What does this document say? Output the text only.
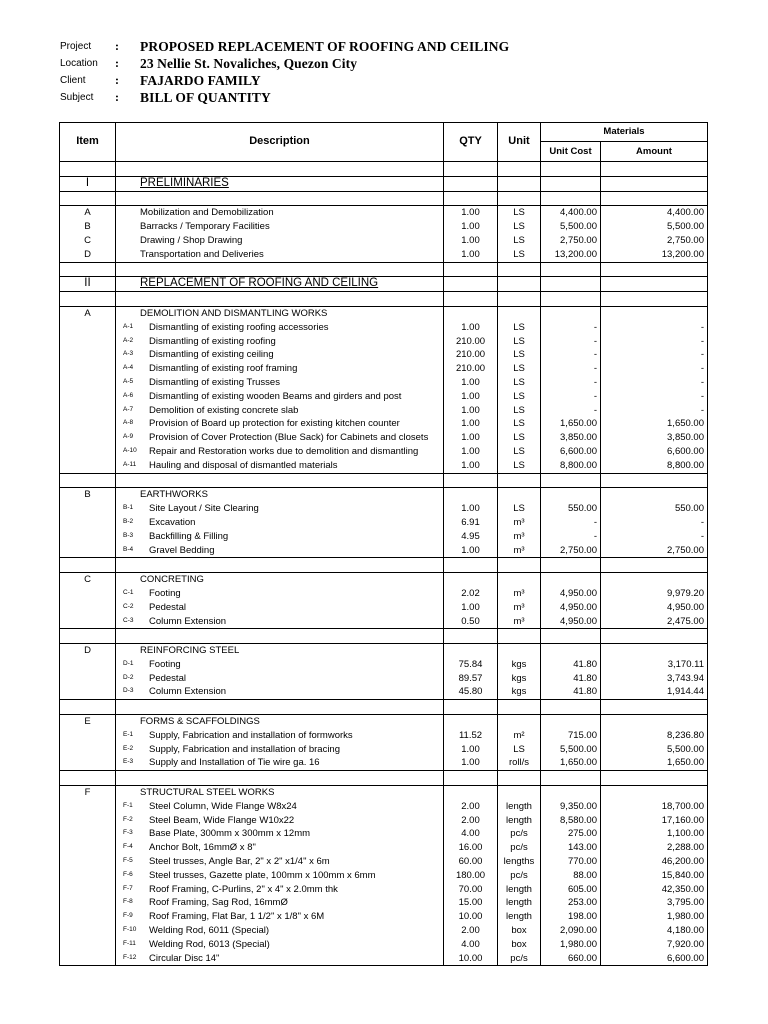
Project	:	PROPOSED REPLACEMENT OF ROOFING AND CEILING
Location	:	23 Nellie St. Novaliches, Quezon City
Client	:	FAJARDO FAMILY
Subject	:	BILL OF QUANTITY
Item	Description	QTY	Unit	Materials	
				Unit Cost	Amount

I	PRELIMINARIES				

A	Mobilization and Demobilization	1.00	LS	4,400.00	4,400.00
B	Barracks / Temporary Facilities	1.00	LS	5,500.00	5,500.00
C	Drawing / Shop Drawing	1.00	LS	2,750.00	2,750.00
D	Transportation and Deliveries	1.00	LS	13,200.00	13,200.00

II	REPLACEMENT OF ROOFING AND CEILING				

A	DEMOLITION AND DISMANTLING WORKS				
	A-1 Dismantling of existing roofing accessories	1.00	LS	-	-
	A-2 Dismantling of existing roofing	210.00	LS	-	-
	A-3 Dismantling of existing ceiling	210.00	LS	-	-
	A-4 Dismantling of existing roof framing	210.00	LS	-	-
	A-5 Dismantling of existing Trusses	1.00	LS	-	-
	A-6 Dismantling of existing wooden Beams and girders and post	1.00	LS	-	-
	A-7 Demolition of existing concrete slab	1.00	LS	-	-
	A-8 Provision of Board up protection for existing kitchen counter	1.00	LS	1,650.00	1,650.00
	A-9 Provision of Cover Protection (Blue Sack) for Cabinets and closets	1.00	LS	3,850.00	3,850.00
	A-10 Repair and Restoration works due to demolition and dismantling	1.00	LS	6,600.00	6,600.00
	A-11 Hauling and disposal of dismantled materials	1.00	LS	8,800.00	8,800.00

B	EARTHWORKS				
	B-1 Site Layout / Site Clearing	1.00	LS	550.00	550.00
	B-2 Excavation	6.91	m³	-	-
	B-3 Backfilling & Filling	4.95	m³	-	-
	B-4 Gravel Bedding	1.00	m³	2,750.00	2,750.00

C	CONCRETING				
	C-1 Footing	2.02	m³	4,950.00	9,979.20
	C-2 Pedestal	1.00	m³	4,950.00	4,950.00
	C-3 Column Extension	0.50	m³	4,950.00	2,475.00

D	REINFORCING STEEL				
	D-1 Footing	75.84	kgs	41.80	3,170.11
	D-2 Pedestal	89.57	kgs	41.80	3,743.94
	D-3 Column Extension	45.80	kgs	41.80	1,914.44

E	FORMS & SCAFFOLDINGS				
	E-1 Supply, Fabrication and installation of formworks	11.52	m²	715.00	8,236.80
	E-2 Supply, Fabrication and installation of bracing	1.00	LS	5,500.00	5,500.00
	E-3 Supply and Installation of Tie wire ga. 16	1.00	roll/s	1,650.00	1,650.00

F	STRUCTURAL STEEL WORKS				
	F-1 Steel Column, Wide Flange W8x24	2.00	length	9,350.00	18,700.00
	F-2 Steel Beam, Wide Flange W10x22	2.00	length	8,580.00	17,160.00
	F-3 Base Plate, 300mm x 300mm x 12mm	4.00	pc/s	275.00	1,100.00
	F-4 Anchor Bolt, 16mmØ x 8"	16.00	pc/s	143.00	2,288.00
	F-5 Steel trusses, Angle Bar, 2" x 2" x1/4" x 6m	60.00	lengths	770.00	46,200.00
	F-6 Steel trusses, Gazette plate, 100mm x 100mm x 6mm	180.00	pc/s	88.00	15,840.00
	F-7 Roof Framing, C-Purlins, 2" x 4" x 2.0mm thk	70.00	length	605.00	42,350.00
	F-8 Roof Framing, Sag Rod, 16mmØ	15.00	length	253.00	3,795.00
	F-9 Roof Framing, Flat Bar, 1 1/2" x 1/8" x 6M	10.00	length	198.00	1,980.00
	F-10 Welding Rod, 6011 (Special)	2.00	box	2,090.00	4,180.00
	F-11 Welding Rod, 6013 (Special)	4.00	box	1,980.00	7,920.00
	F-12 Circular Disc 14"	10.00	pc/s	660.00	6,600.00
